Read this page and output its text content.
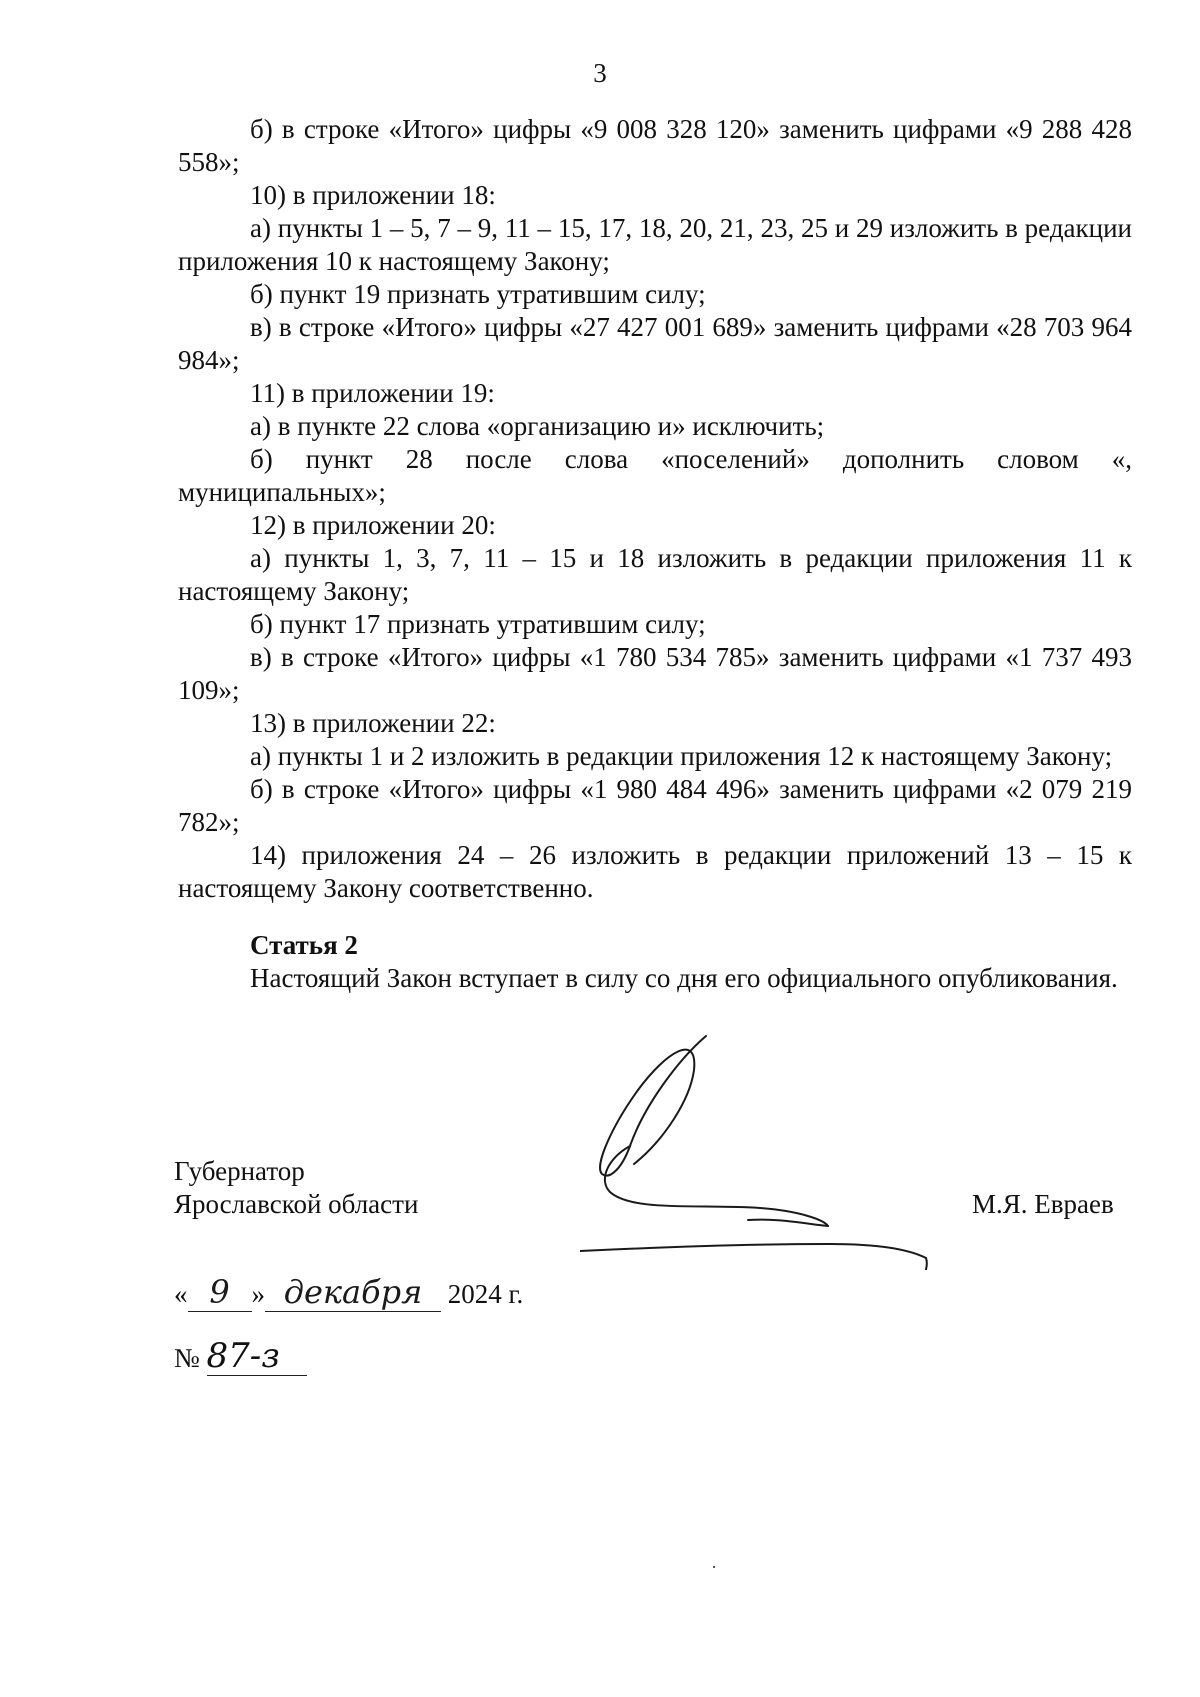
3

б) в строке «Итого» цифры «9 008 328 120» заменить цифрами «9 288 428 558»;

10) в приложении 18:

а) пункты 1 – 5, 7 – 9, 11 – 15, 17, 18, 20, 21, 23, 25 и 29 изложить в редакции приложения 10 к настоящему Закону;

б) пункт 19 признать утратившим силу;

в) в строке «Итого» цифры «27 427 001 689» заменить цифрами «28 703 964 984»;

11) в приложении 19:

а) в пункте 22 слова «организацию и» исключить;

б) пункт 28 после слова «поселений» дополнить словом «, муниципальных»;

12) в приложении 20:

а) пункты 1, 3, 7, 11 – 15 и 18 изложить в редакции приложения 11 к настоящему Закону;

б) пункт 17 признать утратившим силу;

в) в строке «Итого» цифры «1 780 534 785» заменить цифрами «1 737 493 109»;

13) в приложении 22:

а) пункты 1 и 2 изложить в редакции приложения 12 к настоящему Закону;

б) в строке «Итого» цифры «1 980 484 496» заменить цифрами «2 079 219 782»;

14) приложения 24 – 26 изложить в редакции приложений 13 – 15 к настоящему Закону соответственно.

Статья 2

Настоящий Закон вступает в силу со дня его официального опубликования.

Губернатор
Ярославской области	М.Я. Евраев
« 9 » декабря 2024 г.
№ 87-з
